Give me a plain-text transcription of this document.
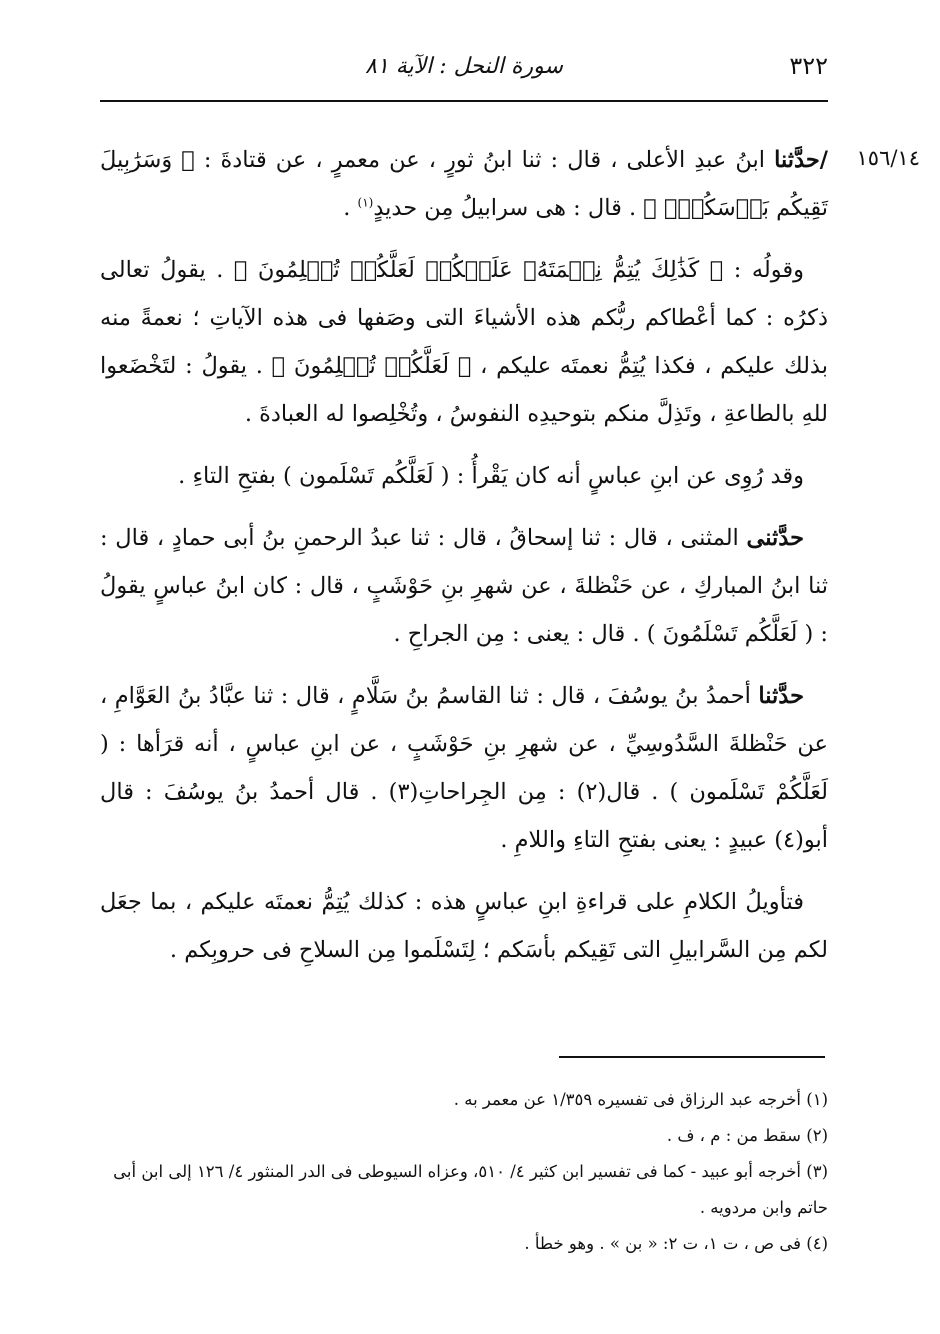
٣٢٢
سورة النحل : الآية ٨١
١٥٦/١٤

/حدَّثنا ابنُ عبدِ الأعلى ، قال : ثنا ابنُ ثورٍ ، عن معمرٍ ، عن قتادةَ : ﴿ وَسَرَٰبِيلَ تَقِيكُم بَأۡسَكُمۡۚ ﴾ . قال : هى سرابيلُ مِن حديدٍ$^{(١)}$ .

وقولُه : ﴿ كَذَٰلِكَ يُتِمُّ نِعۡمَتَهُۥ عَلَيۡكُمۡ لَعَلَّكُمۡ تُسۡلِمُونَ ﴾ . يقولُ تعالى ذكرُه : كما أعْطاكم ربُّكم هذه الأشياءَ التى وصَفها فى هذه الآياتِ ؛ نعمةً منه بذلك عليكم ، فكذا يُتِمُّ نعمتَه عليكم ، ﴿ لَعَلَّكُمۡ تُسۡلِمُونَ ﴾ . يقولُ : لتَخْضَعوا للهِ بالطاعةِ ، وتَذِلَّ منكم بتوحيدِه النفوسُ ، وتُخْلِصوا له العبادةَ .

وقد رُوِى عن ابنِ عباسٍ أنه كان يَقْرأُ : ( لَعَلَّكُم تَسْلَمون ) بفتحِ التاءِ .

حدَّثنى المثنى ، قال : ثنا إسحاقُ ، قال : ثنا عبدُ الرحمنِ بنُ أبى حمادٍ ، قال : ثنا ابنُ المباركِ ، عن حَنْظلةَ ، عن شهرِ بنِ حَوْشَبٍ ، قال : كان ابنُ عباسٍ يقولُ : ( لَعَلَّكُم تَسْلَمُونَ ) . قال : يعنى : مِن الجراحِ .

حدَّثنا أحمدُ بنُ يوسُفَ ، قال : ثنا القاسمُ بنُ سَلَّامٍ ، قال : ثنا عبَّادُ بنُ العَوَّامِ ، عن حَنْظلةَ السَّدُوسِيِّ ، عن شهرِ بنِ حَوْشَبٍ ، عن ابنِ عباسٍ ، أنه قرَأها : ( لَعَلَّكُمْ تَسْلَمون ) . قال(٢) : مِن الجِراحاتِ(٣) . قال أحمدُ بنُ يوسُفَ : قال أبو(٤) عبيدٍ : يعنى بفتحِ التاءِ واللامِ .

فتأويلُ الكلامِ على قراءةِ ابنِ عباسٍ هذه : كذلك يُتِمُّ نعمتَه عليكم ، بما جعَل لكم مِن السَّرابيلِ التى تَقِيكم بأسَكم ؛ لِتَسْلَموا مِن السلاحِ فى حروبِكم .

(١) أخرجه عبد الرزاق فى تفسيره ١/٣٥٩ عن معمر به .

(٢) سقط من : م ، ف .

(٣) أخرجه أبو عبيد - كما فى تفسير ابن كثير ٤/ ٥١٠، وعزاه السيوطى فى الدر المنثور ٤/ ١٢٦ إلى ابن أبى حاتم وابن مردويه .

(٤) فى ص ، ت ١، ت ٢: « بن » . وهو خطأ .
